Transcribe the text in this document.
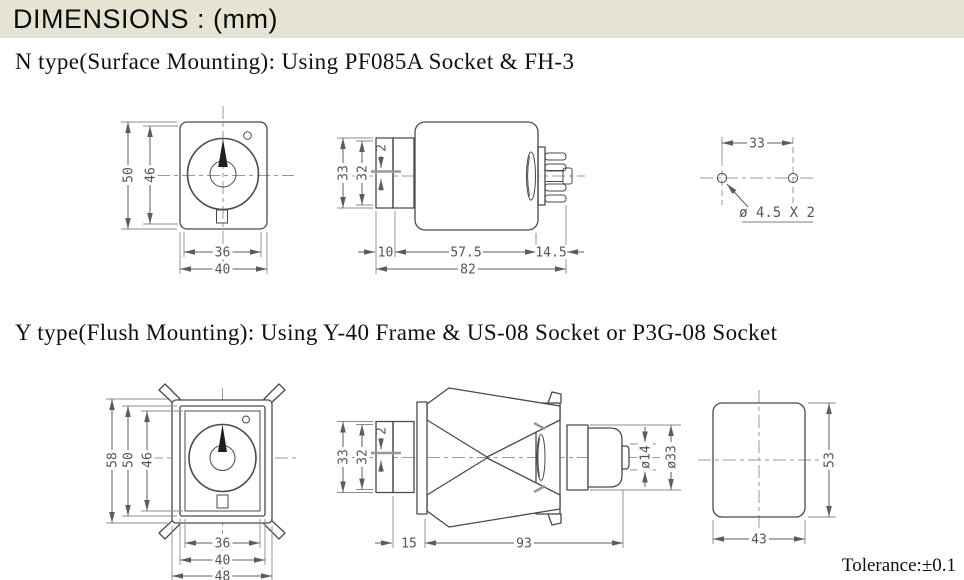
50 46
36
40
33 32
2
10	57.5	14.5
82
33
ø 4.5 X 2
58 50 46
36
40
48
33 32
2
15	93
ø14 ø33	53
43
DIMENSIONS : (mm)
N type(Surface Mounting): Using PF085A Socket & FH-3
Y type(Flush Mounting): Using Y-40 Frame & US-08 Socket or P3G-08 Socket
Tolerance:±0.1
